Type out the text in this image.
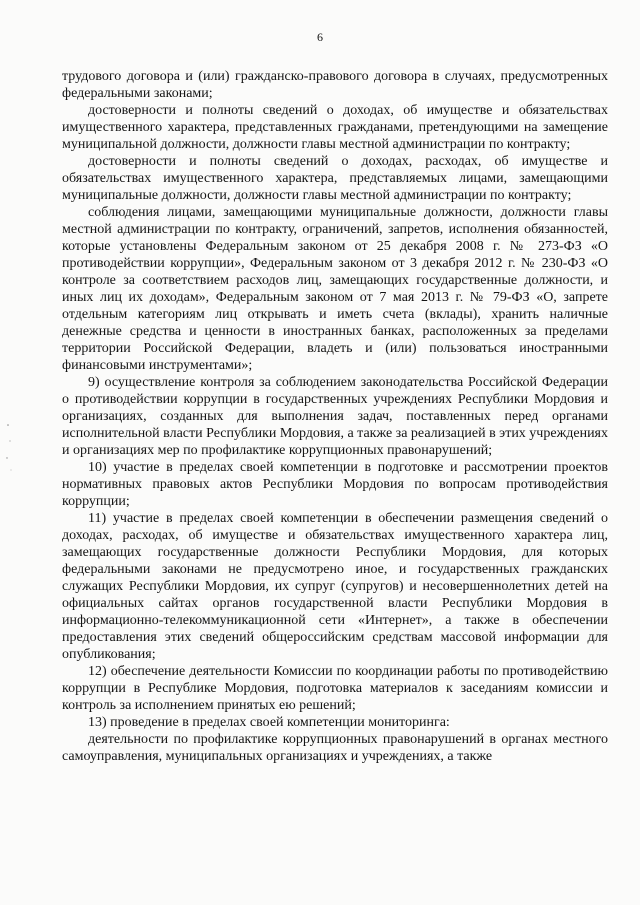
6

трудового договора и (или) гражданско-правового договора в случаях, предусмотренных федеральными законами;

достоверности и полноты сведений о доходах, об имуществе и обязательствах имущественного характера, представленных гражданами, претендующими на замещение муниципальной должности, должности главы местной администрации по контракту;

достоверности и полноты сведений о доходах, расходах, об имуществе и обязательствах имущественного характера, представляемых лицами, замещающими муниципальные должности, должности главы местной администрации по контракту;

соблюдения лицами, замещающими муниципальные должности, должности главы местной администрации по контракту, ограничений, запретов, исполнения обязанностей, которые установлены Федеральным законом от 25 декабря 2008 г. № 273-ФЗ «О противодействии коррупции», Федеральным законом от 3 декабря 2012 г. № 230-ФЗ «О контроле за соответствием расходов лиц, замещающих государственные должности, и иных лиц их доходам», Федеральным законом от 7 мая 2013 г. № 79-ФЗ «О, запрете отдельным категориям лиц открывать и иметь счета (вклады), хранить наличные денежные средства и ценности в иностранных банках, расположенных за пределами территории Российской Федерации, владеть и (или) пользоваться иностранными финансовыми инструментами»;

9) осуществление контроля за соблюдением законодательства Российской Федерации о противодействии коррупции в государственных учреждениях Республики Мордовия и организациях, созданных для выполнения задач, поставленных перед органами исполнительной власти Республики Мордовия, а также за реализацией в этих учреждениях и организациях мер по профилактике коррупционных правонарушений;

10) участие в пределах своей компетенции в подготовке и рассмотрении проектов нормативных правовых актов Республики Мордовия по вопросам противодействия коррупции;

11) участие в пределах своей компетенции в обеспечении размещения сведений о доходах, расходах, об имуществе и обязательствах имущественного характера лиц, замещающих государственные должности Республики Мордовия, для которых федеральными законами не предусмотрено иное, и государственных гражданских служащих Республики Мордовия, их супруг (супругов) и несовершеннолетних детей на официальных сайтах органов государственной власти Республики Мордовия в информационно-телекоммуникационной сети «Интернет», а также в обеспечении предоставления этих сведений общероссийским средствам массовой информации для опубликования;

12) обеспечение деятельности Комиссии по координации работы по противодействию коррупции в Республике Мордовия, подготовка материалов к заседаниям комиссии и контроль за исполнением принятых ею решений;

13) проведение в пределах своей компетенции мониторинга:

деятельности по профилактике коррупционных правонарушений в органах местного самоуправления, муниципальных организациях и учреждениях, а также
